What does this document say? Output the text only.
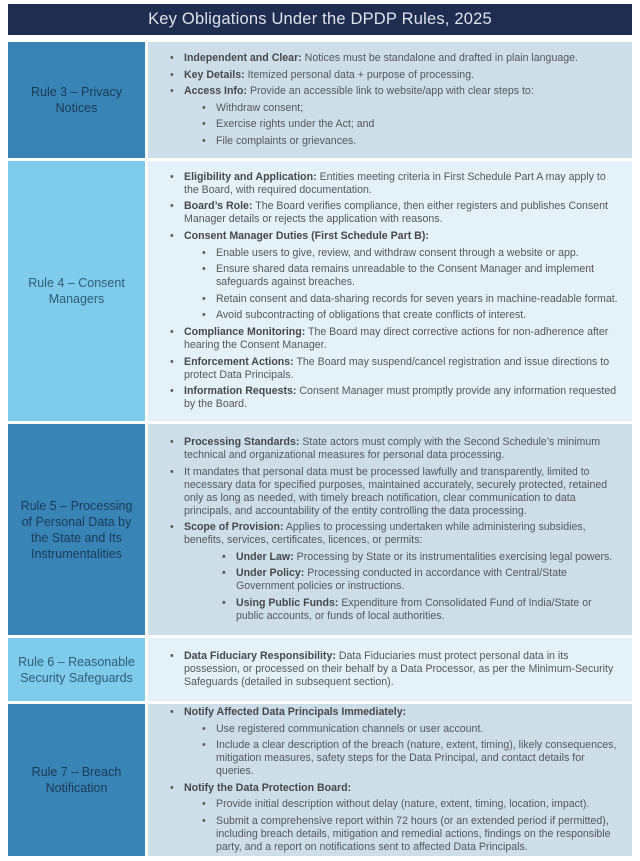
Key Obligations Under the DPDP Rules, 2025
Rule 3 – Privacy Notices
• Independent and Clear: Notices must be standalone and drafted in plain language.
• Key Details: Itemized personal data + purpose of processing.
• Access Info: Provide an accessible link to website/app with clear steps to:
• Withdraw consent;
• Exercise rights under the Act; and
• File complaints or grievances.
Rule 4 – Consent Managers
• Eligibility and Application: Entities meeting criteria in First Schedule Part A may apply to the Board, with required documentation.
• Board’s Role: The Board verifies compliance, then either registers and publishes Consent Manager details or rejects the application with reasons.
• Consent Manager Duties (First Schedule Part B):
• Enable users to give, review, and withdraw consent through a website or app.
• Ensure shared data remains unreadable to the Consent Manager and implement safeguards against breaches.
• Retain consent and data-sharing records for seven years in machine-readable format.
• Avoid subcontracting of obligations that create conflicts of interest.
• Compliance Monitoring: The Board may direct corrective actions for non-adherence after hearing the Consent Manager.
• Enforcement Actions: The Board may suspend/cancel registration and issue directions to protect Data Principals.
• Information Requests: Consent Manager must promptly provide any information requested by the Board.
Rule 5 – Processing of Personal Data by the State and Its Instrumentalities
• Processing Standards: State actors must comply with the Second Schedule’s minimum technical and organizational measures for personal data processing.
• It mandates that personal data must be processed lawfully and transparently, limited to necessary data for specified purposes, maintained accurately, securely protected, retained only as long as needed, with timely breach notification, clear communication to data principals, and accountability of the entity controlling the data processing.
• Scope of Provision: Applies to processing undertaken while administering subsidies, benefits, services, certificates, licences, or permits:
• Under Law: Processing by State or its instrumentalities exercising legal powers.
• Under Policy: Processing conducted in accordance with Central/State Government policies or instructions.
• Using Public Funds: Expenditure from Consolidated Fund of India/State or public accounts, or funds of local authorities.
Rule 6 – Reasonable Security Safeguards
• Data Fiduciary Responsibility: Data Fiduciaries must protect personal data in its possession, or processed on their behalf by a Data Processor, as per the Minimum-Security Safeguards (detailed in subsequent section).
Rule 7 – Breach Notification
• Notify Affected Data Principals Immediately:
• Use registered communication channels or user account.
• Include a clear description of the breach (nature, extent, timing), likely consequences, mitigation measures, safety steps for the Data Principal, and contact details for queries.
• Notify the Data Protection Board:
• Provide initial description without delay (nature, extent, timing, location, impact).
• Submit a comprehensive report within 72 hours (or an extended period if permitted), including breach details, mitigation and remedial actions, findings on the responsible party, and a report on notifications sent to affected Data Principals.
